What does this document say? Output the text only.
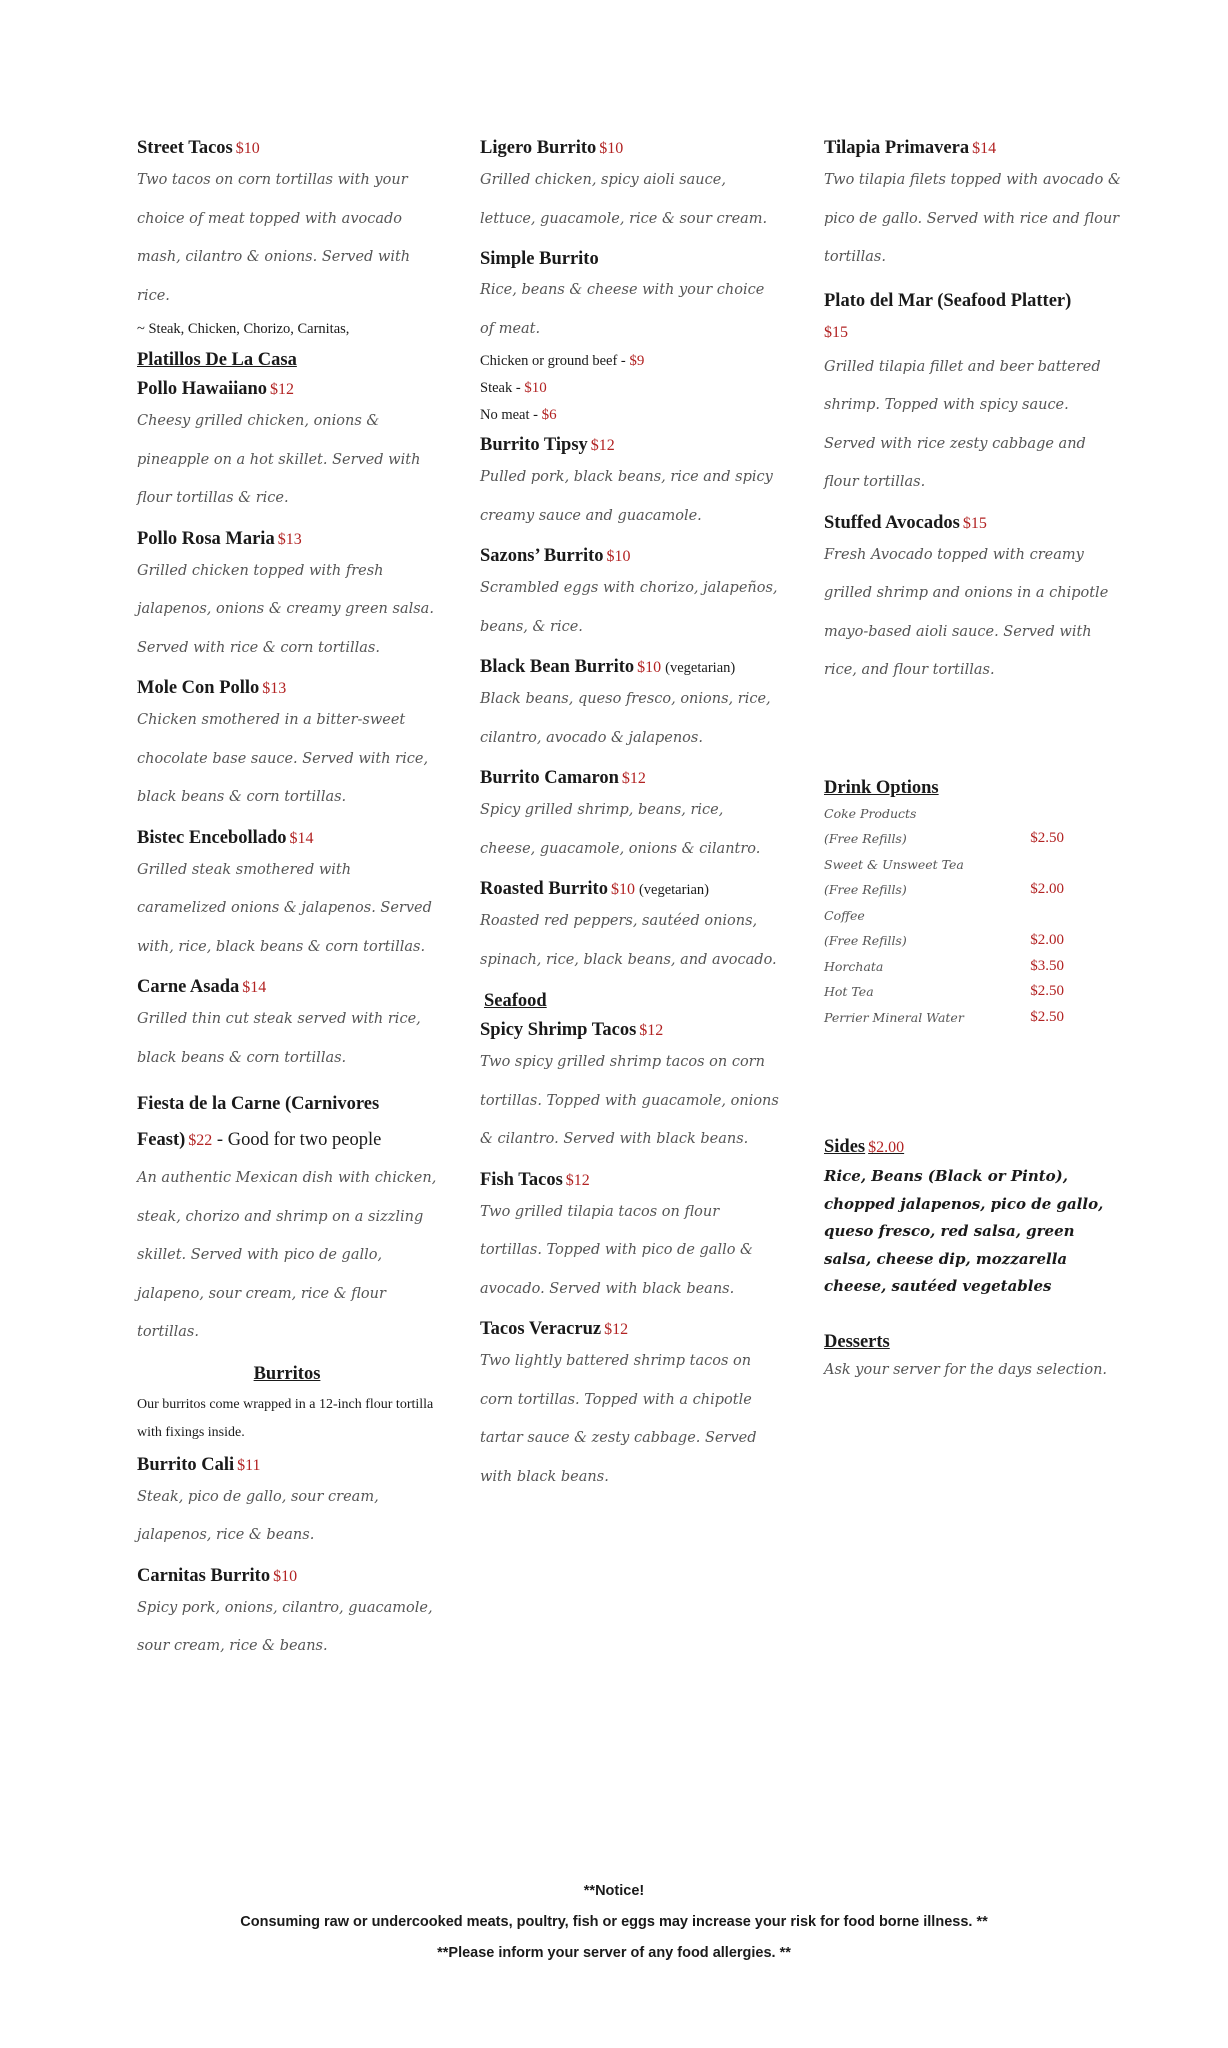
Street Tacos $10

Two tacos on corn tortillas with your choice of meat topped with avocado mash, cilantro & onions. Served with rice.

~ Steak, Chicken, Chorizo, Carnitas,

Platillos De La Casa

Pollo Hawaiiano $12

Cheesy grilled chicken, onions & pineapple on a hot skillet. Served with flour tortillas & rice.

Pollo Rosa Maria $13

Grilled chicken topped with fresh jalapenos, onions & creamy green salsa. Served with rice & corn tortillas.

Mole Con Pollo $13

Chicken smothered in a bitter-sweet chocolate base sauce. Served with rice, black beans & corn tortillas.

Bistec Encebollado $14

Grilled steak smothered with caramelized onions & jalapenos. Served with, rice, black beans & corn tortillas.

Carne Asada $14

Grilled thin cut steak served with rice, black beans & corn tortillas.

Fiesta de la Carne (Carnivores Feast) $22 - Good for two people

An authentic Mexican dish with chicken, steak, chorizo and shrimp on a sizzling skillet. Served with pico de gallo, jalapeno, sour cream, rice & flour tortillas.

Burritos

Our burritos come wrapped in a 12-inch flour tortilla with fixings inside.

Burrito Cali $11

Steak, pico de gallo, sour cream, jalapenos, rice & beans.

Carnitas Burrito $10

Spicy pork, onions, cilantro, guacamole, sour cream, rice & beans.

Ligero Burrito $10

Grilled chicken, spicy aioli sauce, lettuce, guacamole, rice & sour cream.

Simple Burrito

Rice, beans & cheese with your choice of meat.

Chicken or ground beef - $9

Steak - $10

No meat - $6

Burrito Tipsy $12

Pulled pork, black beans, rice and spicy creamy sauce and guacamole.

Sazons’ Burrito $10

Scrambled eggs with chorizo, jalapeños, beans, & rice.

Black Bean Burrito $10 (vegetarian)

Black beans, queso fresco, onions, rice, cilantro, avocado & jalapenos.

Burrito Camaron $12

Spicy grilled shrimp, beans, rice, cheese, guacamole, onions & cilantro.

Roasted Burrito $10 (vegetarian)

Roasted red peppers, sautéed onions, spinach, rice, black beans, and avocado.

Seafood

Spicy Shrimp Tacos $12

Two spicy grilled shrimp tacos on corn tortillas. Topped with guacamole, onions & cilantro. Served with black beans.

Fish Tacos $12

Two grilled tilapia tacos on flour tortillas. Topped with pico de gallo & avocado. Served with black beans.

Tacos Veracruz $12

Two lightly battered shrimp tacos on corn tortillas. Topped with a chipotle tartar sauce & zesty cabbage. Served with black beans.

Tilapia Primavera $14

Two tilapia filets topped with avocado & pico de gallo. Served with rice and flour tortillas.

Plato del Mar (Seafood Platter)
$15

Grilled tilapia fillet and beer battered shrimp. Topped with spicy sauce. Served with rice zesty cabbage and flour tortillas.

Stuffed Avocados $15

Fresh Avocado topped with creamy grilled shrimp and onions in a chipotle mayo-based aioli sauce. Served with rice, and flour tortillas.

Drink Options

Coke Products
(Free Refills)	$2.50
Sweet & Unsweet Tea
(Free Refills)	$2.00
Coffee
(Free Refills)	$2.00
Horchata	$3.50
Hot Tea	$2.50
Perrier Mineral Water	$2.50

Sides $2.00

Rice, Beans (Black or Pinto), chopped jalapenos, pico de gallo, queso fresco, red salsa, green salsa, cheese dip, mozzarella cheese, sautéed vegetables

Desserts

Ask your server for the days selection.

**Notice!
Consuming raw or undercooked meats, poultry, fish or eggs may increase your risk for food borne illness. **
**Please inform your server of any food allergies. **
